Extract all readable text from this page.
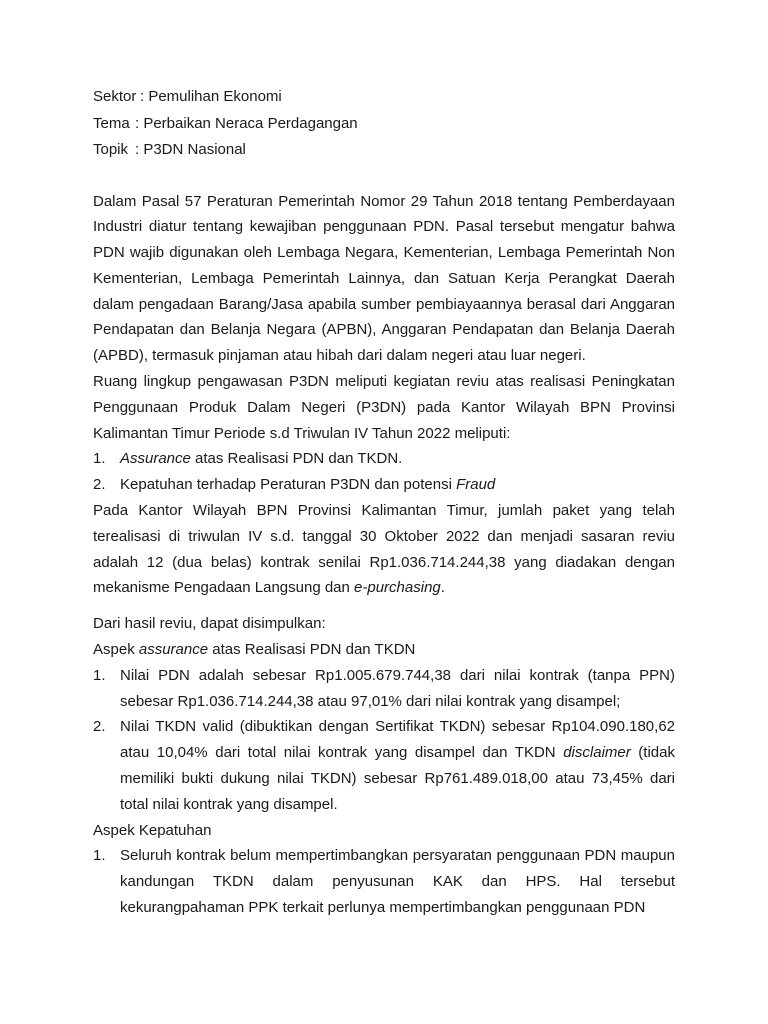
Sektor : Pemulihan Ekonomi
Tema : Perbaikan Neraca Perdagangan
Topik : P3DN Nasional

Dalam Pasal 57 Peraturan Pemerintah Nomor 29 Tahun 2018 tentang Pemberdayaan Industri diatur tentang kewajiban penggunaan PDN. Pasal tersebut mengatur bahwa PDN wajib digunakan oleh Lembaga Negara, Kementerian, Lembaga Pemerintah Non Kementerian, Lembaga Pemerintah Lainnya, dan Satuan Kerja Perangkat Daerah dalam pengadaan Barang/Jasa apabila sumber pembiayaannya berasal dari Anggaran Pendapatan dan Belanja Negara (APBN), Anggaran Pendapatan dan Belanja Daerah (APBD), termasuk pinjaman atau hibah dari dalam negeri atau luar negeri.

Ruang lingkup pengawasan P3DN meliputi kegiatan reviu atas realisasi Peningkatan Penggunaan Produk Dalam Negeri (P3DN) pada Kantor Wilayah BPN Provinsi Kalimantan Timur Periode s.d Triwulan IV Tahun 2022 meliputi:

1. Assurance atas Realisasi PDN dan TKDN.
2. Kepatuhan terhadap Peraturan P3DN dan potensi Fraud

Pada Kantor Wilayah BPN Provinsi Kalimantan Timur, jumlah paket yang telah terealisasi di triwulan IV s.d. tanggal 30 Oktober 2022 dan menjadi sasaran reviu adalah 12 (dua belas) kontrak senilai Rp1.036.714.244,38 yang diadakan dengan mekanisme Pengadaan Langsung dan e-purchasing.

Dari hasil reviu, dapat disimpulkan:
Aspek assurance atas Realisasi PDN dan TKDN
1. Nilai PDN adalah sebesar Rp1.005.679.744,38 dari nilai kontrak (tanpa PPN) sebesar Rp1.036.714.244,38 atau 97,01% dari nilai kontrak yang disampel;
2. Nilai TKDN valid (dibuktikan dengan Sertifikat TKDN) sebesar Rp104.090.180,62 atau 10,04% dari total nilai kontrak yang disampel dan TKDN disclaimer (tidak memiliki bukti dukung nilai TKDN) sebesar Rp761.489.018,00 atau 73,45% dari total nilai kontrak yang disampel.
Aspek Kepatuhan
1. Seluruh kontrak belum mempertimbangkan persyaratan penggunaan PDN maupun kandungan TKDN dalam penyusunan KAK dan HPS. Hal tersebut kekurangpahaman PPK terkait perlunya mempertimbangkan penggunaan PDN
